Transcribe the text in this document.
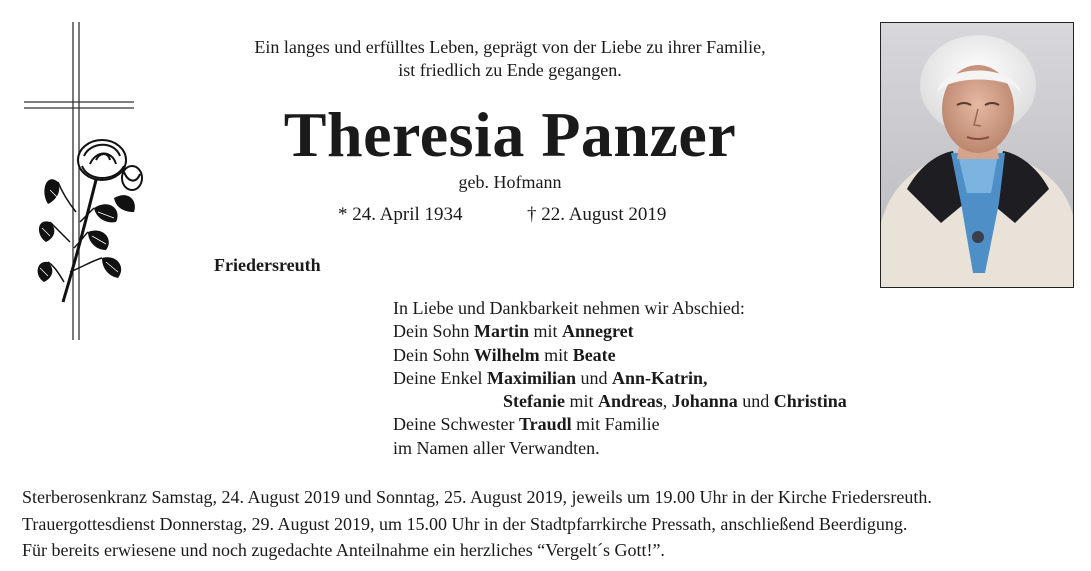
Ein langes und erfülltes Leben, geprägt von der Liebe zu ihrer Familie,
ist friedlich zu Ende gegangen.
Theresia Panzer
geb. Hofmann
* 24. April 1934	† 22. August 2019
Friedersreuth
In Liebe und Dankbarkeit nehmen wir Abschied:
Dein Sohn Martin mit Annegret
Dein Sohn Wilhelm mit Beate
Deine Enkel Maximilian und Ann-Katrin,
Stefanie mit Andreas, Johanna und Christina
Deine Schwester Traudl mit Familie
im Namen aller Verwandten.
Sterberosenkranz Samstag, 24. August 2019 und Sonntag, 25. August 2019, jeweils um 19.00 Uhr in der Kirche Friedersreuth.
Trauergottesdienst Donnerstag, 29. August 2019, um 15.00 Uhr in der Stadtpfarrkirche Pressath, anschließend Beerdigung.
Für bereits erwiesene und noch zugedachte Anteilnahme ein herzliches “Vergelt´s Gott!”.
